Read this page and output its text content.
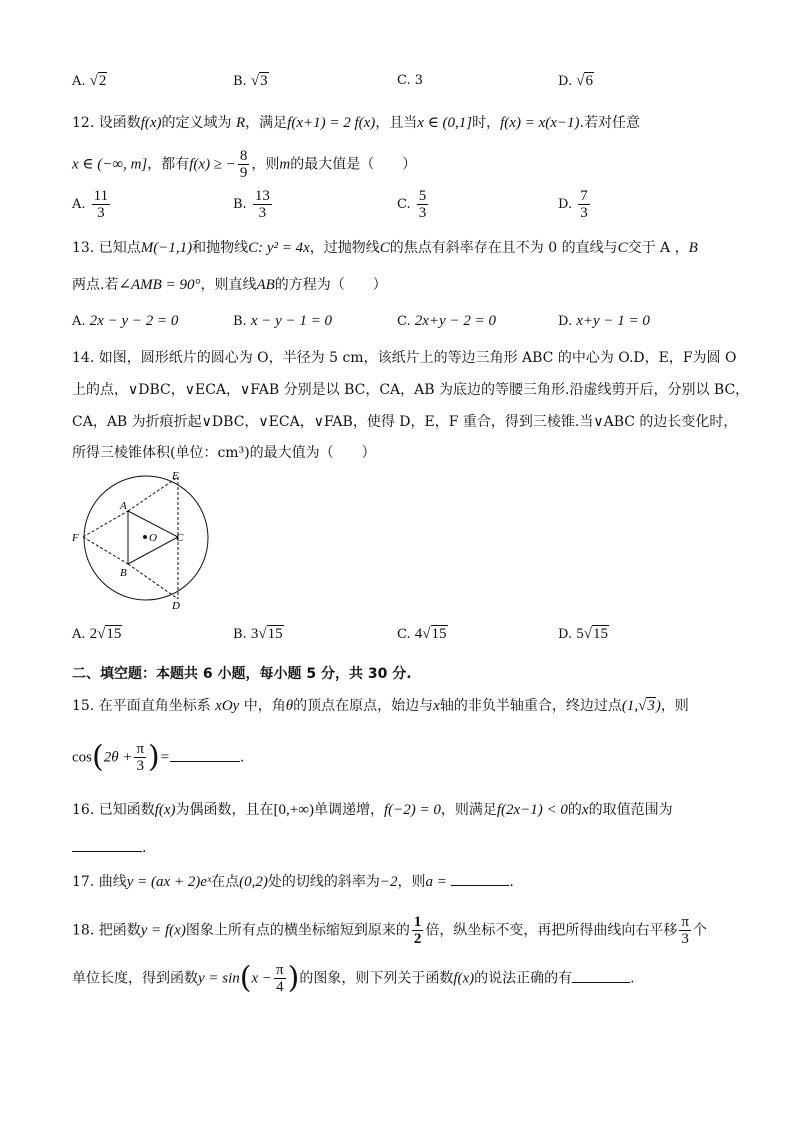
A. √2	B. √3	C. 3	D. √6
12. 设函数f(x)的定义域为 R，满足f(x+1) = 2 f(x)，且当x ∈ (0,1]时，f(x) = x(x−1).若对任意
x ∈ (−∞, m]，都有f(x) ≥ − $\frac{8}{9}$ ，则m的最大值是（　　）
A. $\frac{11}{3}$	B. $\frac{13}{3}$	C. $\frac{5}{3}$	D. $\frac{7}{3}$
13. 已知点M(−1,1)和抛物线C: y² = 4x，过抛物线C的焦点有斜率存在且不为 0 的直线与C交于 A ，B
两点.若∠AMB = 90°，则直线AB的方程为（　　）
A. 2x − y − 2 = 0	B. x − y − 1 = 0	C. 2x+y − 2 = 0	D. x+y − 1 = 0
14. 如图，圆形纸片的圆心为 O，半径为 5 cm，该纸片上的等边三角形 ABC 的中心为 O.D，E，F为圆 O
上的点，∨DBC，∨ECA，∨FAB 分别是以 BC，CA，AB 为底边的等腰三角形.沿虚线剪开后，分别以 BC，
CA，AB 为折痕折起∨DBC，∨ECA，∨FAB，使得 D，E，F 重合，得到三棱锥.当∨ABC 的边长变化时，
所得三棱锥体积(单位：cm³)的最大值为（　　）
E
A
F	O C
B
D
A. 2√15	B. 3√15	C. 4√15	D. 5√15
二、填空题：本题共 6 小题，每小题 5 分，共 30 分.
15. 在平面直角坐标系 xOy 中，角θ的顶点在原点，始边与x轴的非负半轴重合，终边过点(1,√3)，则
$\cos(2\theta + \frac{\pi}{3}$ )=	.
16. 已知函数f(x)为偶函数，且在[0,+∞)单调递增，f(−2) = 0，则满足f(2x−1) < 0的x的取值范围为
.
17. 曲线y = (ax + 2)eˣ在点(0,2)处的切线的斜率为−2，则a =	.
18. 把函数y = f(x)图象上所有点的横坐标缩短到原来的 $\frac{1}{2}$ 倍，纵坐标不变，再把所得曲线向右平移 $\frac{\pi}{3}$ 个
单位长度，得到函数$y = \sin(x - \frac{\pi}{4}$ )的图象，则下列关于函数f(x)的说法正确的有	.
